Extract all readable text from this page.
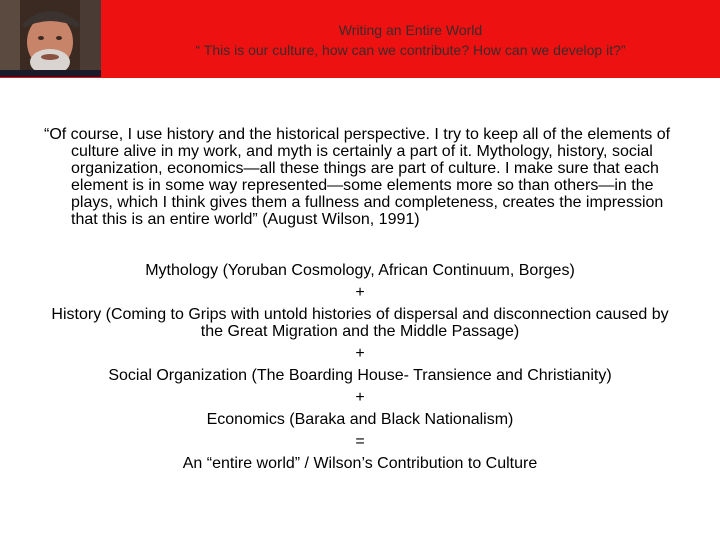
Writing an Entire World
“ This is our culture, how can we contribute? How can we develop it?”
“Of course, I use history and the historical perspective. I try to keep all of the elements of culture alive in my work, and myth is certainly a part of it. Mythology, history, social organization, economics—all these things are part of culture. I make sure that each element is in some way represented—some elements more so than others—in the plays, which I think gives them a fullness and completeness, creates the impression that this is an entire world” (August Wilson, 1991)
Mythology (Yoruban Cosmology, African Continuum, Borges)
+
History (Coming to Grips with untold histories of dispersal and disconnection caused by the Great Migration and the Middle Passage)
+
Social Organization (The Boarding House- Transience and Christianity)
+
Economics (Baraka and Black Nationalism)
=
An “entire world” / Wilson’s Contribution to Culture
